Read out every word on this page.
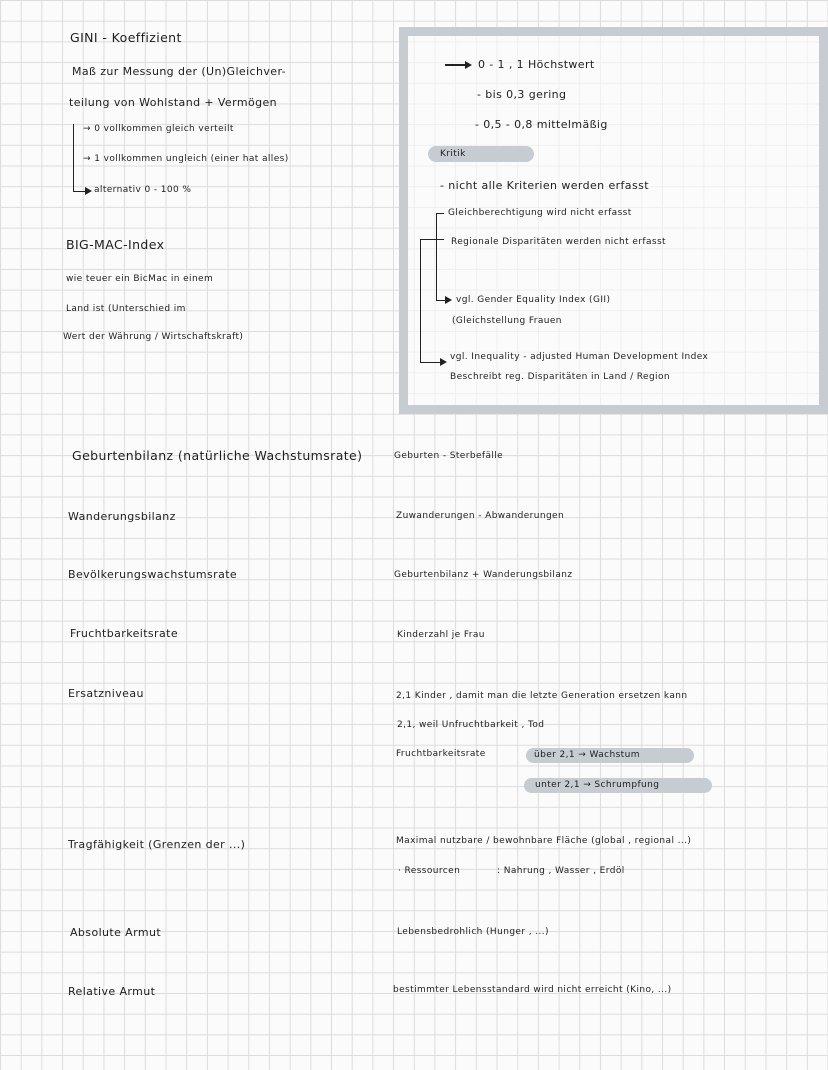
GINI - Koeffizient
Maß zur Messung der (Un)Gleichver-
teilung von Wohlstand + Vermögen
→ 0 vollkommen gleich verteilt
→ 1 vollkommen ungleich (einer hat alles)
alternativ 0 - 100 %
BIG-MAC-Index
wie teuer ein BicMac in einem
Land ist (Unterschied im
Wert der Währung / Wirtschaftskraft)
0 - 1 , 1 Höchstwert
- bis 0,3 gering
- 0,5 - 0,8 mittelmäßig
Kritik
- nicht alle Kriterien werden erfasst
Gleichberechtigung wird nicht erfasst
Regionale Disparitäten werden nicht erfasst
vgl. Gender Equality Index (GII)
(Gleichstellung Frauen
vgl. Inequality - adjusted Human Development Index
Beschreibt reg. Disparitäten in Land / Region
Geburtenbilanz (natürliche Wachstumsrate)	Geburten - Sterbefälle
Wanderungsbilanz	Zuwanderungen - Abwanderungen
Bevölkerungswachstumsrate	Geburtenbilanz + Wanderungsbilanz
Fruchtbarkeitsrate	Kinderzahl je Frau
Ersatzniveau	2,1 Kinder , damit man die letzte Generation ersetzen kann
2,1, weil Unfruchtbarkeit , Tod
Fruchtbarkeitsrate	über 2,1 → Wachstum
unter 2,1 → Schrumpfung
Tragfähigkeit (Grenzen der ...)	Maximal nutzbare / bewohnbare Fläche (global , regional ...)
· Ressourcen	: Nahrung , Wasser , Erdöl
Absolute Armut	Lebensbedrohlich (Hunger , ...)
Relative Armut	bestimmter Lebensstandard wird nicht erreicht (Kino, ...)
